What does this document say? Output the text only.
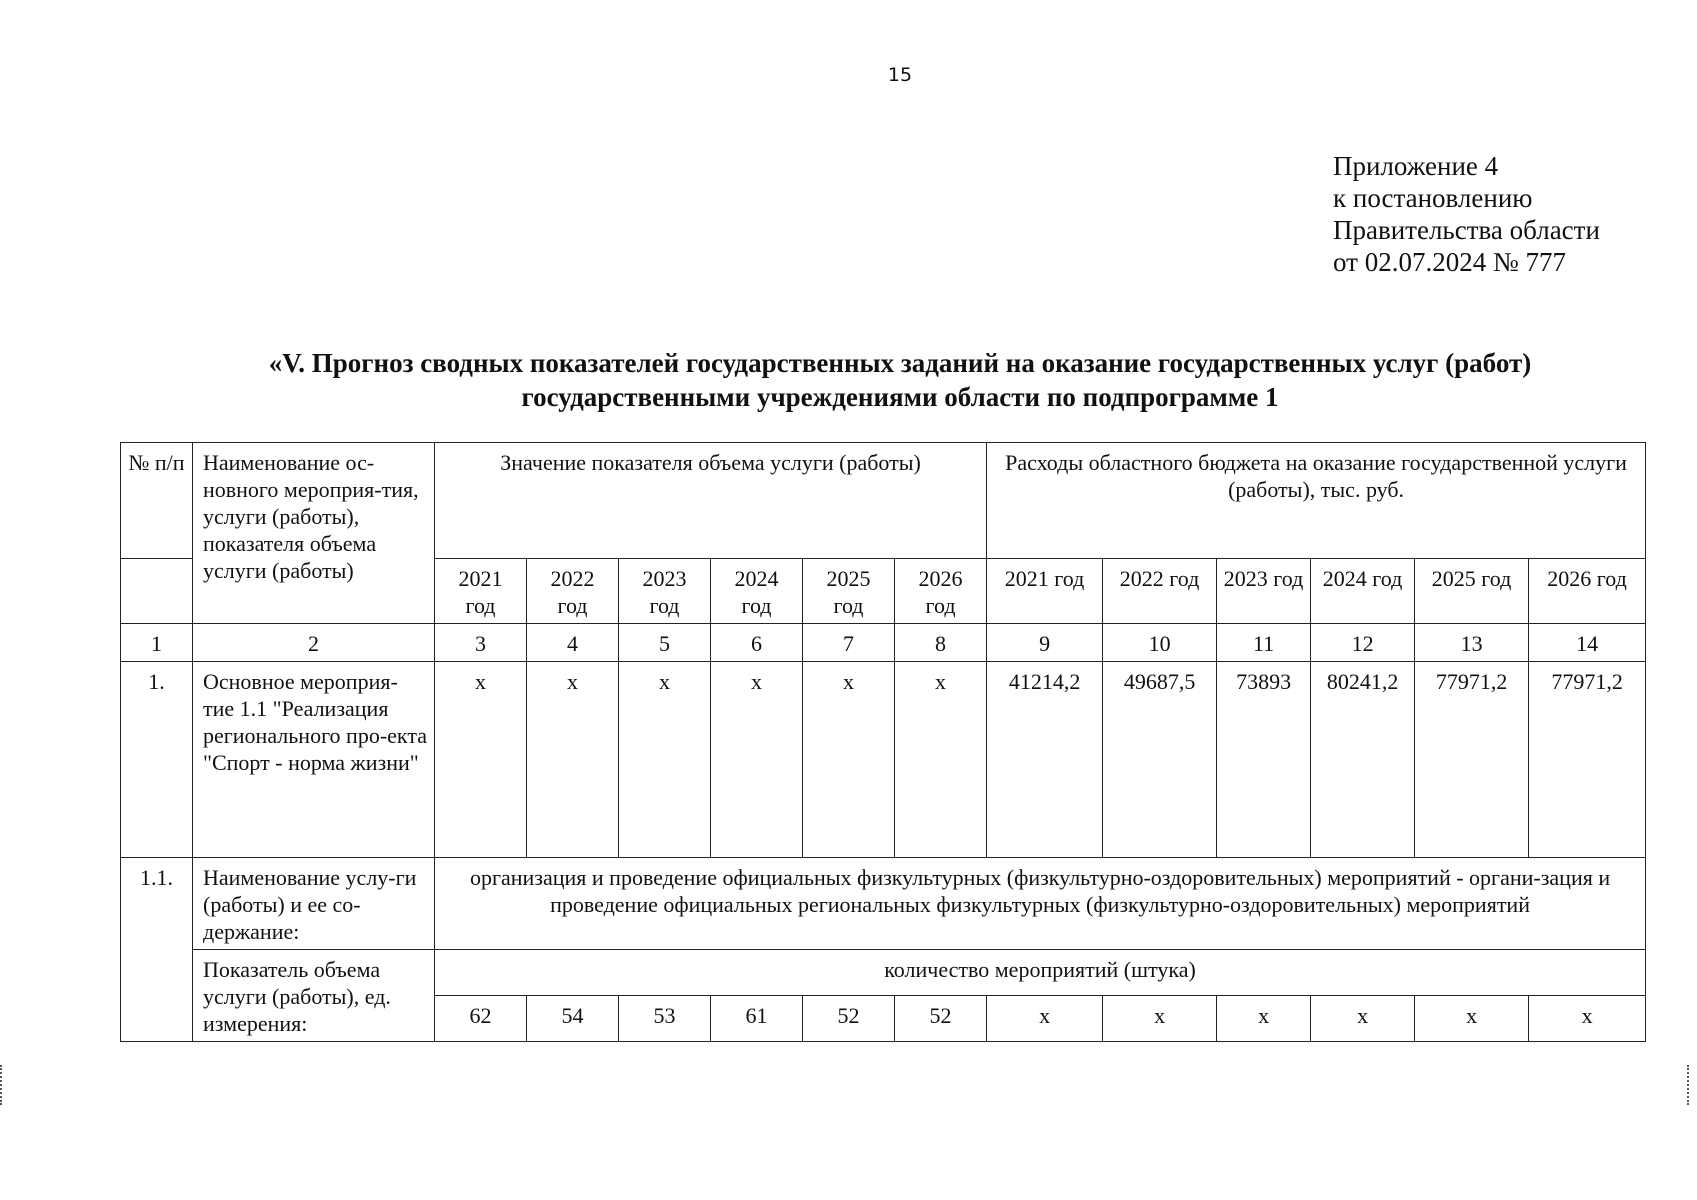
15
Приложение 4
к постановлению
Правительства области
от 02.07.2024 № 777
«V. Прогноз сводных показателей государственных заданий на оказание государственных услуг (работ)
государственными учреждениями области по подпрограмме 1
№ п/п	Наименование ос-новного мероприя-тия, услуги (работы), показателя объема услуги (работы)	Значение показателя объема услуги (работы)						Расходы областного бюджета на оказание государственной услуги (работы), тыс. руб.					
		2021 год	2022 год	2023 год	2024 год	2025 год	2026 год	2021 год	2022 год	2023 год	2024 год	2025 год	2026 год
1	2	3	4	5	6	7	8	9	10	11	12	13	14
1.	Основное мероприя-тие 1.1 "Реализация регионального про-екта "Спорт - норма жизни"	x	x	x	x	x	x	41214,2	49687,5	73893	80241,2	77971,2	77971,2
1.1.	Наименование услу-ги (работы) и ее со-держание:	организация и проведение официальных физкультурных (физкультурно-оздоровительных) мероприятий - органи-зация и проведение официальных региональных физкультурных (физкультурно-оздоровительных) мероприятий											
	Показатель объема услуги (работы), ед. измерения:	количество мероприятий (штука)											
		62	54	53	61	52	52	x	x	x	x	x	x
